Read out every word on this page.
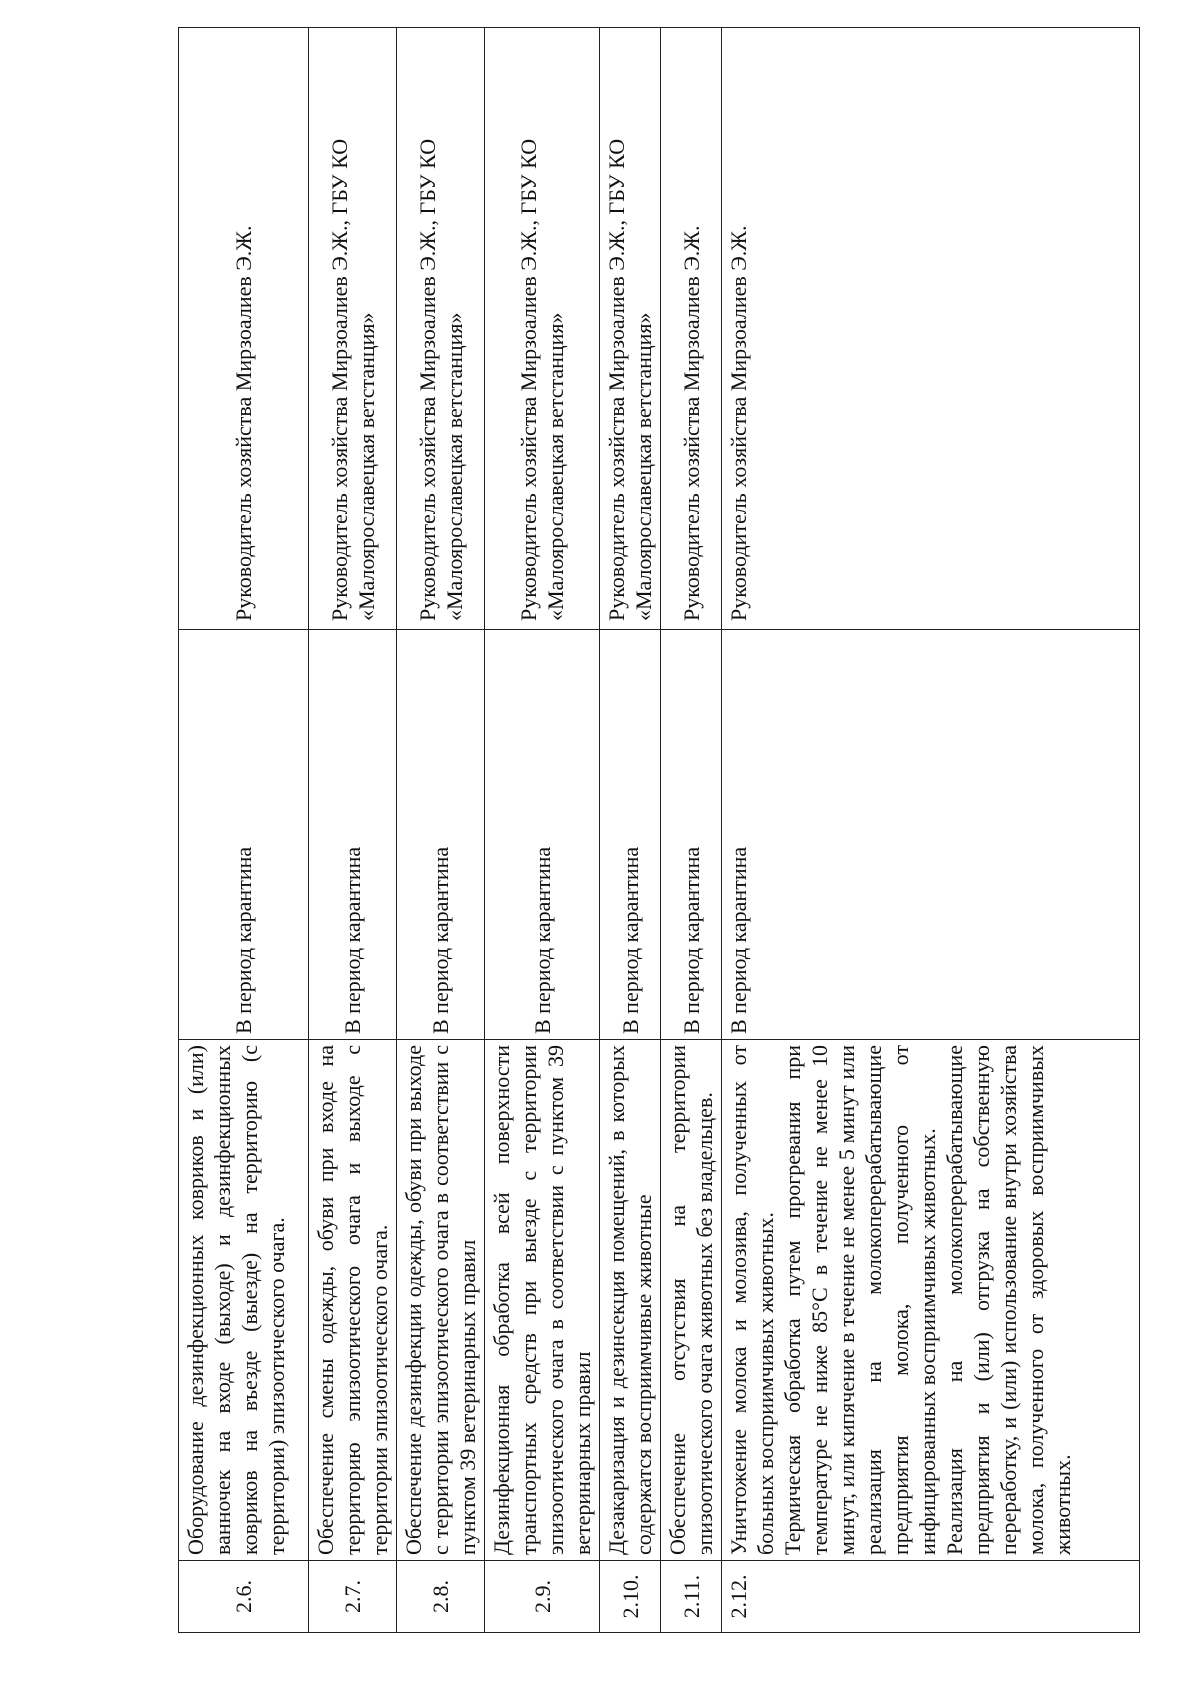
2.6.	Оборудование дезинфекционных ковриков и (или) ванночек на входе (выходе) и дезинфекционных ковриков на въезде (выезде) на территорию (с территории) эпизоотического очага.	В период карантина	Руководитель хозяйства Мирзоалиев Э.Ж.
2.7.	Обеспечение смены одежды, обуви при входе на территорию эпизоотического очага и выходе с территории эпизоотического очага.	В период карантина	Руководитель хозяйства Мирзоалиев Э.Ж., ГБУ КО «Малоярославецкая ветстанция»
2.8.	Обеспечение дезинфекции одежды, обуви при выходе с территории эпизоотического очага в соответствии с пунктом 39 ветеринарных правил	В период карантина	Руководитель хозяйства Мирзоалиев Э.Ж., ГБУ КО «Малоярославецкая ветстанция»
2.9.	Дезинфекционная обработка всей поверхности транспортных средств при выезде с территории эпизоотического очага в соответствии с пунктом 39 ветеринарных правил	В период карантина	Руководитель хозяйства Мирзоалиев Э.Ж., ГБУ КО «Малоярославецкая ветстанция»
2.10.	Дезакаризация и дезинсекция помещений, в которых содержатся восприимчивые животные	В период карантина	Руководитель хозяйства Мирзоалиев Э.Ж., ГБУ КО «Малоярославецкая ветстанция»
2.11.	Обеспечение отсутствия на территории эпизоотического очага животных без владельцев.	В период карантина	Руководитель хозяйства Мирзоалиев Э.Ж.
2.12.	Уничтожение молока и молозива, полученных от больных восприимчивых животных. Термическая обработка путем прогревания при температуре не ниже 85°С в течение не менее 10 минут, или кипячение в течение не менее 5 минут или реализация на молокоперерабатывающие предприятия молока, полученного от инфицированных восприимчивых животных. Реализация на молокоперерабатывающие предприятия и (или) отгрузка на собственную переработку, и (или) использование внутри хозяйства молока, полученного от здоровых восприимчивых животных.	В период карантина	Руководитель хозяйства Мирзоалиев Э.Ж.
